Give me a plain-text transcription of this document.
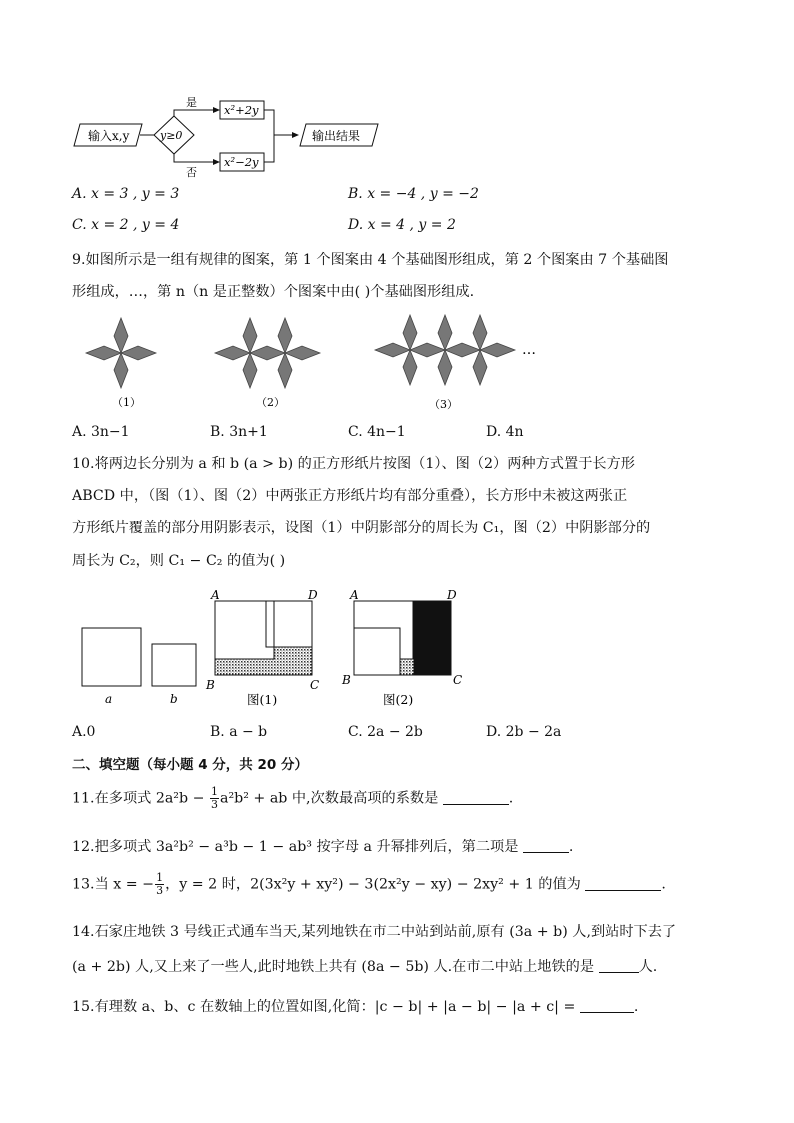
输入x,y	y≥0
是
x²+2y
否
x²−2y
输出结果
A. x = 3 , y = 3	B. x = −4 , y = −2
C. x = 2 , y = 4	D. x = 4 , y = 2
9.如图所示是一组有规律的图案，第 1 个图案由 4 个基础图形组成，第 2 个图案由 7 个基础图
形组成，…，第 n（n 是正整数）个图案中由( )个基础图形组成.
（1）	（2）	（3）
…
A. 3n−1	B. 3n+1	C. 4n−1	D. 4n
10.将两边长分别为 a 和 b (a > b) 的正方形纸片按图（1）、图（2）两种方式置于长方形
ABCD 中，（图（1）、图（2）中两张正方形纸片均有部分重叠），长方形中未被这两张正
方形纸片覆盖的部分用阴影表示，设图（1）中阴影部分的周长为 C₁，图（2）中阴影部分的
周长为 C₂，则 C₁ − C₂ 的值为( )
a	b
A	D
B	C
图(1)
A	D
B	C
图(2)
A.0	B. a − b	C. 2a − 2b	D. 2b − 2a
二、填空题（每小题 4 分，共 20 分）
11.在多项式 $2a^2b - \frac{1}{3} a^2b^2$ + ab 中,次数最高项的系数是	.
12.把多项式 3a²b² − a³b − 1 − ab³ 按字母 a 升幂排列后，第二项是	.
13.当 x = − $\frac{1}{3}$ ，y = 2 时，2(3x²y + xy²) − 3(2x²y − xy) − 2xy² + 1 的值为	.
14.石家庄地铁 3 号线正式通车当天,某列地铁在市二中站到站前,原有 (3a + b) 人,到站时下去了
(a + 2b) 人,又上来了一些人,此时地铁上共有 (8a − 5b) 人.在市二中站上地铁的是	人.
15.有理数 a、b、c 在数轴上的位置如图,化简：|c − b| + |a − b| − |a + c| =	.
